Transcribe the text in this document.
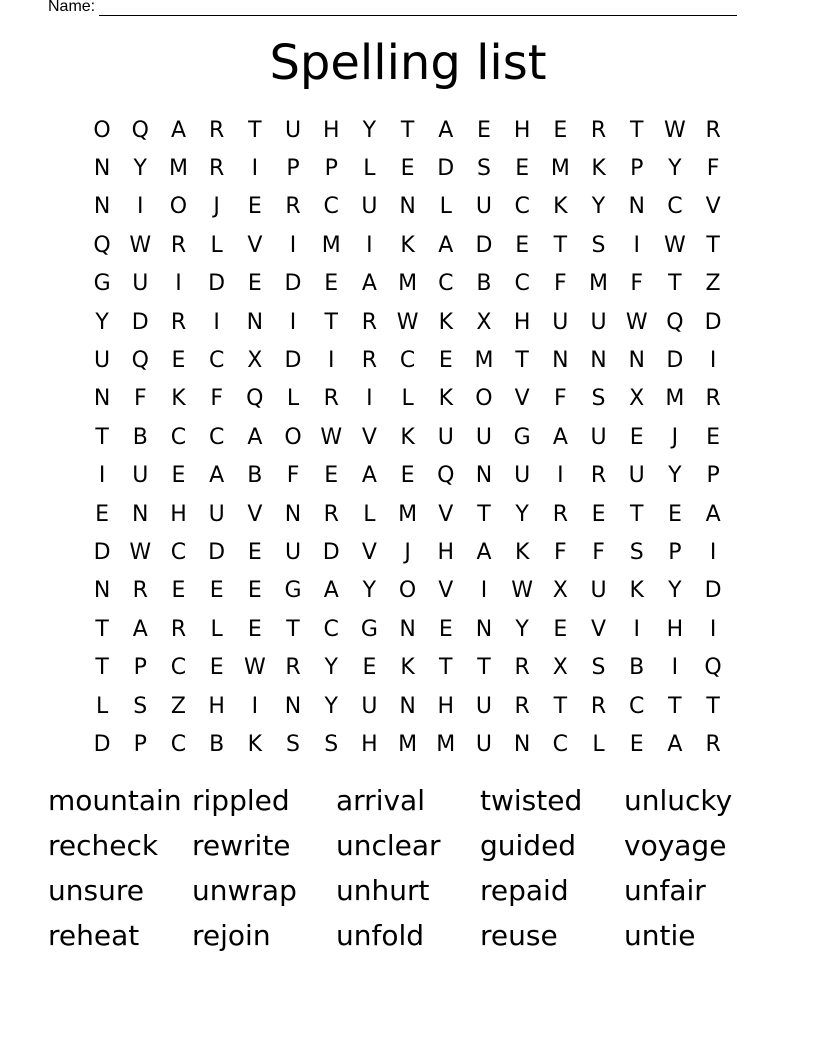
Name:
Spelling list
O Q	A	R	T	U H	Y	T	A	E	H	E	R	T W R
N	Y M R	I	P	P	L	E	D	S	E M K	P	Y	F
N	I	O	J	E	R	C	U N	L	U	C	K	Y	N	C	V
Q W R	L	V	I	M	I	K	A	D	E	T	S	I	W T
G U	I	D	E	D	E	A M C	B	C	F	M	F	T	Z
Y	D	R	I	N	I	T	R W K	X	H U	U W Q D
U Q	E	C	X	D	I	R	C	E M T	N N N D	I
N	F	K	F	Q	L	R	I	L	K	O	V	F	S	X M R
T	B	C	C	A O W V	K	U	U G	A	U	E	J	E
I	U	E	A	B	F	E	A	E	Q N U	I	R	U	Y	P
E	N H U	V	N	R	L	M V	T	Y	R	E	T	E	A
D W C	D	E	U D	V	J	H	A	K	F	F	S	P	I
N	R	E	E	E	G	A	Y	O	V	I	W X	U	K	Y	D
T	A	R	L	E	T	C G N	E	N	Y	E	V	I	H	I
T	P	C	E W R	Y	E	K	T	T	R	X	S	B	I	Q
L	S	Z	H	I	N	Y	U N H U	R	T	R	C	T	T
D	P	C	B	K	S	S	H M M U N	C	L	E	A	R
mountain rippled	arrival	twisted	unlucky
recheck	rewrite	unclear	guided	voyage
unsure	unwrap	unhurt	repaid	unfair
reheat	rejoin	unfold	reuse	untie
